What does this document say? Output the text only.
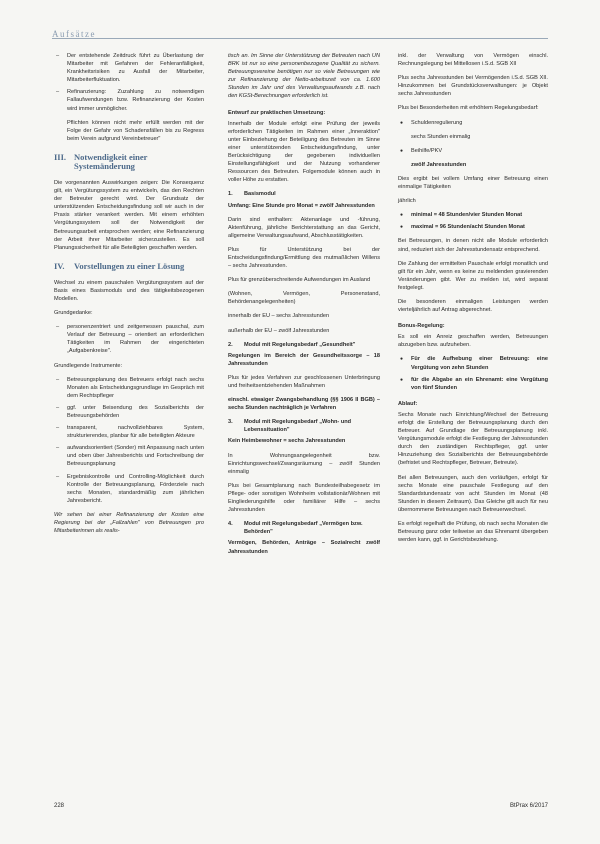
Aufsätze
– Der entstehende Zeitdruck führt zu Überlastung der Mitarbeiter mit Gefahren der Fehleranfälligkeit, Krankheitsrisiken zu Ausfall der Mitarbeiter, Mitarbeiterfluktuation.
– Refinanzierung: Zuzahlung zu notwendigen Fallaufwendungen bzw. Refinanzierung der Kosten wird immer unmöglicher.

Pflichten können nicht mehr erfüllt werden mit der Folge der Gefahr von Schadensfällen bis zu Regress beim Verein aufgrund Vereinbetreuer"

III. Notwendigkeit einer Systemänderung

Die vorgenannten Auswirkungen zeigen: Die Konsequenz gilt, ein Vergütungssystem zu entwickeln, das den Rechten der Betreuter gerecht wird. Der Grundsatz der unterstützenden Entscheidungsfindung soll wir auch in der Praxis stärker verankert werden. Mit einem erhöhten Vergütungssystem soll der Notwendigkeit der Betreuungsarbeit entsprochen werden; eine Refinanzierung der Arbeit ihrer Mitarbeiter sicherzustellen. Es soll Planungssicherheit für alle Beteiligten geschaffen werden.

IV. Vorstellungen zu einer Lösung

Wechsel zu einem pauschalen Vergütungssystem auf der Basis eines Basismoduls und des tätigkeitsbezogenen Modellen.

Grundgedanke:

– personenzentriert und zeitgemessen pauschal, zum Verlauf der Betreuung – orientiert an erforderlichen Tätigkeiten im Rahmen der eingerichteten „Aufgabenkreise".

Grundlegende Instrumente:

– Betreuungsplanung des Betreuers erfolgt nach sechs Monaten als Entscheidungsgrundlage im Gespräch mit dem Rechtspfleger
– ggf. unter Beisendung des Sozialberichts der Betreuungsbehörden
– transparent, nachvollziehbares System, strukturierendes, planbar für alle beteiligten Akteure
– aufwandsorientiert (Sonder) mit Anpassung nach unten und oben über Jahresberichts und Fortschreibung der Betreuungsplanung
– Ergebniskontrolle und Controlling-Möglichkeit durch Kontrolle der Betreuungsplanung, Förderziele nach sechs Monaten, standardmäßig zum jährlichen Jahresbericht.

Wir sehen bei einer Refinanzierung der Kosten eine Regierung bei der „Fallzahlen" von Betreuungen pro Mitarbeiterinnen als realis-

tisch an. Im Sinne der Unterstützung der Betreuten nach UN BRK ist nur so eine personenbezogene Qualität zu sichern. Betreuungsvereine benötigen nur so viele Betreuungen wie zur Refinanzierung der Netto-arbeitszeit von ca. 1.600 Stunden im Jahr und des Verwaltungsaufwands z.B. nach den KGSt-Berechnungen erforderlich ist.

Entwurf zur praktischen Umsetzung:

Innerhalb der Module erfolgt eine Prüfung der jeweils erforderlichen Tätigkeiten im Rahmen einer „Inneraktion" unter Einbeziehung der Beteiligung des Betreuten im Sinne einer unterstützenden Entscheidungsfindung, unter Berücksichtigung der gegebenen individuellen Einstellungsfähigkeit und der Nutzung vorhandener Ressourcen des Betreuten. Folgemodule können auch in voller Höhe zu erstatten.

1. Basismodul

Umfang: Eine Stunde pro Monat = zwölf Jahresstunden

Darin sind enthalten: Aktenanlage und -führung, Aktenführung, jährliche Berichterstattung an das Gericht, allgemeine Verwaltungsaufwand, Abschlusstätigkeiten.

Plus für Unterstützung bei der Entscheidungsfindung/Ermittlung des mutmaßlichen Willens – sechs Jahresstunden.

Plus für grenzüberschreitende Aufwendungen im Ausland

(Wohnen, Vermögen, Personenstand, Behördenangelegenheiten)

innerhalb der EU – sechs Jahresstunden

außerhalb der EU – zwölf Jahresstunden

2. Modul mit Regelungsbedarf „Gesundheit"

Regelungen im Bereich der Gesundheitssorge – 18 Jahresstunden

Plus für jedes Verfahren zur geschlossenen Unterbringung und freiheitsentziehenden Maßnahmen

einschl. etwaiger Zwangsbehandlung (§§ 1906 II BGB) – sechs Stunden nachträglich je Verfahren

3. Modul mit Regelungsbedarf „Wohn- und Lebenssituation"

Kein Heimbewohner = sechs Jahresstunden

In Wohnungsangelegenheit bzw. Einrichtungswechsel/Zwangsräumung – zwölf Stunden einmalig

Plus bei Gesamtplanung nach Bundesteilhabegesetz im Pflege- oder sonstigen Wohnheim vollstationär/Wohnen mit Eingliederungshilfe oder familiärer Hilfe – sechs Jahresstunden

4. Modul mit Regelungsbedarf „Vermögen bzw. Behörden"

Vermögen, Behörden, Anträge – Sozialrecht zwölf Jahresstunden

inkl. der Verwaltung von Vermögen einschl. Rechnungslegung bei Mittellosen i.S.d. SGB XII

Plus sechs Jahresstunden bei Vermögenden i.S.d. SGB XII. Hinzukommen bei Grundstücksverwaltungen: je Objekt sechs Jahresstunden

Plus bei Besonderheiten mit erhöhtem Regelungsbedarf:

● Schuldenregulierung

sechs Stunden einmalig

● Beihilfe/PKV

zwölf Jahresstunden

Dies ergibt bei vollem Umfang einer Betreuung einen einmalige Tätigkeiten

jährlich

● minimal = 48 Stunden/vier Stunden Monat
● maximal = 96 Stunden/acht Stunden Monat

Bei Betreuungen, in denen nicht alle Module erforderlich sind, reduziert sich der Jahresstundensatz entsprechend.

Die Zahlung der ermittelten Pauschale erfolgt monatlich und gilt für ein Jahr, wenn es keine zu meldenden gravierenden Veränderungen gibt. Wer zu melden ist, wird separat festgelegt.

Die besonderen einmaligen Leistungen werden vierteljährlich auf Antrag abgerechnet.

Bonus-Regelung:

Es soll ein Anreiz geschaffen werden, Betreuungen abzugeben bzw. aufzuheben.

● Für die Aufhebung einer Betreuung: eine Vergütung von zehn Stunden
● für die Abgabe an ein Ehrenamt: eine Vergütung von fünf Stunden

Ablauf:

Sechs Monate nach Einrichtung/Wechsel der Betreuung erfolgt die Erstellung der Betreuungsplanung durch den Betreuer. Auf Grundlage der Betreuungsplanung inkl. Vergütungsmodule erfolgt die Festlegung der Jahresstunden durch den zuständigen Rechtspfleger, ggf. unter Hinzuziehung des Sozialberichts der Betreuungsbehörde (befristet und Rechtspfleger, Betreuer, Betreute).

Bei allen Betreuungen, auch den vorläufigen, erfolgt für sechs Monate eine pauschale Festlegung auf den Standardstundensatz von acht Stunden im Monat (48 Stunden in diesem Zeitraum). Das Gleiche gilt auch für neu übernommene Betreuungen nach Betreuerwechsel.

Es erfolgt regelhaft die Prüfung, ob nach sechs Monaten die Betreuung ganz oder teilweise an das Ehrenamt übergeben werden kann, ggf. in Gerichtsbeziehung.

228	BtPrax 6/2017
